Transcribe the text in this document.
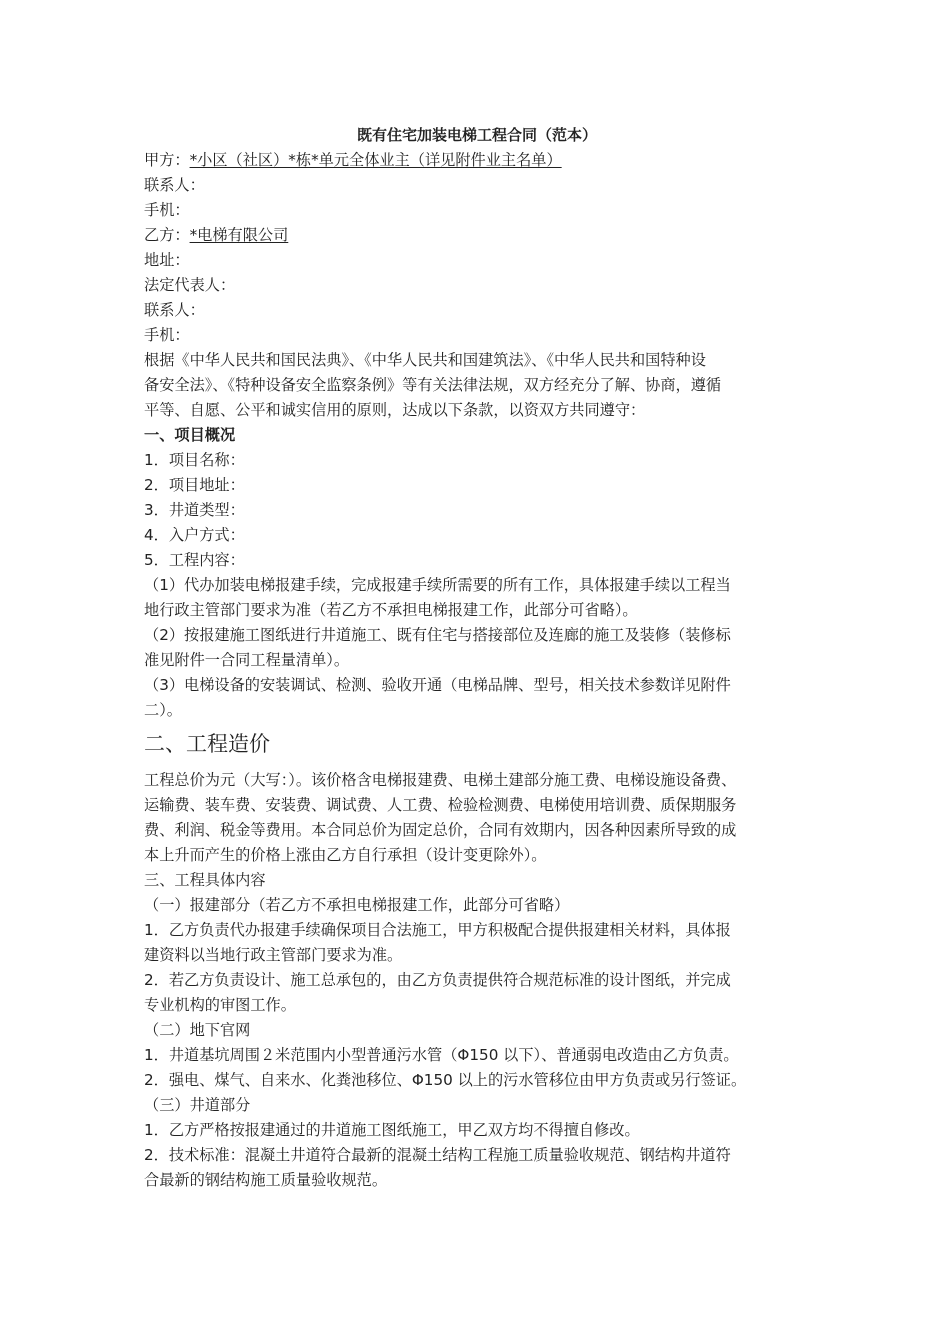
既有住宅加装电梯工程合同（范本）

甲方：*小区（社区）*栋*单元全体业主（详见附件业主名单）

联系人：

手机：

乙方：*电梯有限公司

地址：

法定代表人：

联系人：

手机：

根据《中华人民共和国民法典》、《中华人民共和国建筑法》、《中华人民共和国特种设

备安全法》、《特种设备安全监察条例》等有关法律法规，双方经充分了解、协商，遵循

平等、自愿、公平和诚实信用的原则，达成以下条款，以资双方共同遵守：

一、项目概况

1．项目名称：

2．项目地址：

3．井道类型：

4．入户方式：

5．工程内容：

（1）代办加装电梯报建手续，完成报建手续所需要的所有工作，具体报建手续以工程当

地行政主管部门要求为准（若乙方不承担电梯报建工作，此部分可省略）。

（2）按报建施工图纸进行井道施工、既有住宅与搭接部位及连廊的施工及装修（装修标

准见附件一合同工程量清单）。

（3）电梯设备的安装调试、检测、验收开通（电梯品牌、型号，相关技术参数详见附件

二）。

二、工程造价

工程总价为元（大写：）。该价格含电梯报建费、电梯土建部分施工费、电梯设施设备费、

运输费、装车费、安装费、调试费、人工费、检验检测费、电梯使用培训费、质保期服务

费、利润、税金等费用。本合同总价为固定总价，合同有效期内，因各种因素所导致的成

本上升而产生的价格上涨由乙方自行承担（设计变更除外）。

三、工程具体内容

（一）报建部分（若乙方不承担电梯报建工作，此部分可省略）

1．乙方负责代办报建手续确保项目合法施工，甲方积极配合提供报建相关材料，具体报

建资料以当地行政主管部门要求为准。

2．若乙方负责设计、施工总承包的，由乙方负责提供符合规范标准的设计图纸，并完成

专业机构的审图工作。

（二）地下官网

1．井道基坑周围２米范围内小型普通污水管（Φ150 以下）、普通弱电改造由乙方负责。

2．强电、煤气、自来水、化粪池移位、Φ150 以上的污水管移位由甲方负责或另行签证。

（三）井道部分

1．乙方严格按报建通过的井道施工图纸施工，甲乙双方均不得擅自修改。

2．技术标准：混凝土井道符合最新的混凝土结构工程施工质量验收规范、钢结构井道符

合最新的钢结构施工质量验收规范。
